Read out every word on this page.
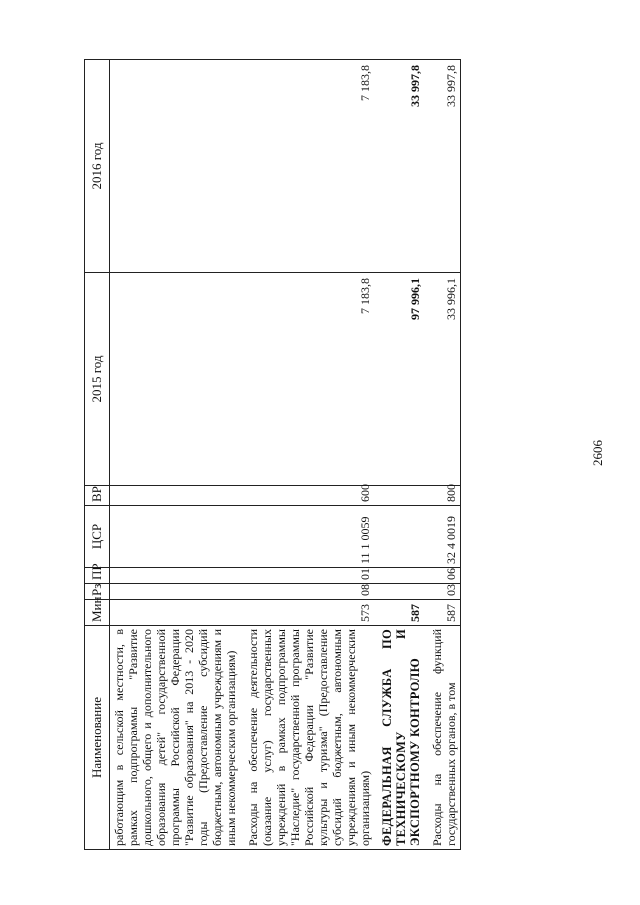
2606
Наименование	Мин	Рз	ПР	ЦСР	ВР	2015 год	2016 год
работающим в сельской местности, в рамках подпрограммы "Развитие дошкольного, общего и дополнительного образования детей" государственной программы Российской Федерации "Развитие образования" на 2013 - 2020 годы (Предоставление субсидий бюджетным, автономным учреждениям и иным некоммерческим организациям)							

Расходы на обеспечение деятельности (оказание услуг) государственных учреждений в рамках подпрограммы "Наследие" государственной программы Российской Федерации "Развитие культуры и туризма" (Предоставление субсидий бюджетным, автономным учреждениям и иным некоммерческим организациям)	573	08	01	11 1 0059	600	7 183,8	7 183,8

ФЕДЕРАЛЬНАЯ СЛУЖБА ПО ТЕХНИЧЕСКОМУ И ЭКСПОРТНОМУ КОНТРОЛЮ	587					97 996,1	33 997,8

Расходы на обеспечение функций государственных органов, в том	587	03	06	32 4 0019	800	33 996,1	33 997,8
